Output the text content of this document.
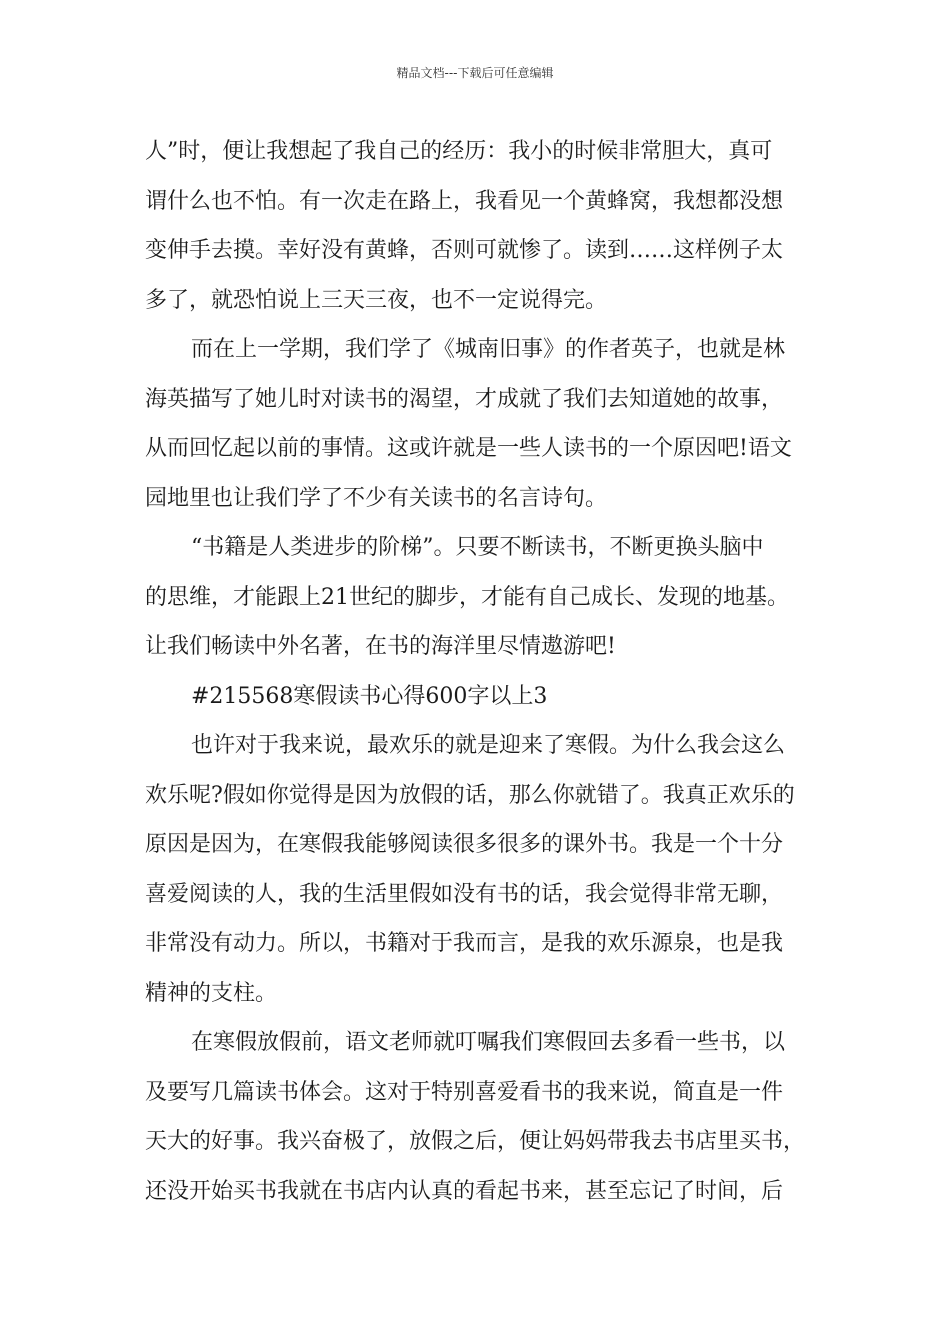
精品文档---下载后可任意编辑
人”时，便让我想起了我自己的经历：我小的时候非常胆大，真可
谓什么也不怕。有一次走在路上，我看见一个黄蜂窝，我想都没想
变伸手去摸。幸好没有黄蜂，否则可就惨了。读到……这样例子太
多了，就恐怕说上三天三夜，也不一定说得完。
而在上一学期，我们学了《城南旧事》的作者英子，也就是林
海英描写了她儿时对读书的渴望，才成就了我们去知道她的故事，
从而回忆起以前的事情。这或许就是一些人读书的一个原因吧!语文
园地里也让我们学了不少有关读书的名言诗句。
“书籍是人类进步的阶梯”。只要不断读书，不断更换头脑中
的思维，才能跟上21世纪的脚步，才能有自己成长、发现的地基。
让我们畅读中外名著，在书的海洋里尽情遨游吧!
#215568寒假读书心得600字以上3
也许对于我来说，最欢乐的就是迎来了寒假。为什么我会这么
欢乐呢?假如你觉得是因为放假的话，那么你就错了。我真正欢乐的
原因是因为，在寒假我能够阅读很多很多的课外书。我是一个十分
喜爱阅读的人，我的生活里假如没有书的话，我会觉得非常无聊，
非常没有动力。所以，书籍对于我而言，是我的欢乐源泉，也是我
精神的支柱。
在寒假放假前，语文老师就叮嘱我们寒假回去多看一些书，以
及要写几篇读书体会。这对于特别喜爱看书的我来说，简直是一件
天大的好事。我兴奋极了，放假之后，便让妈妈带我去书店里买书，
还没开始买书我就在书店内认真的看起书来，甚至忘记了时间，后
